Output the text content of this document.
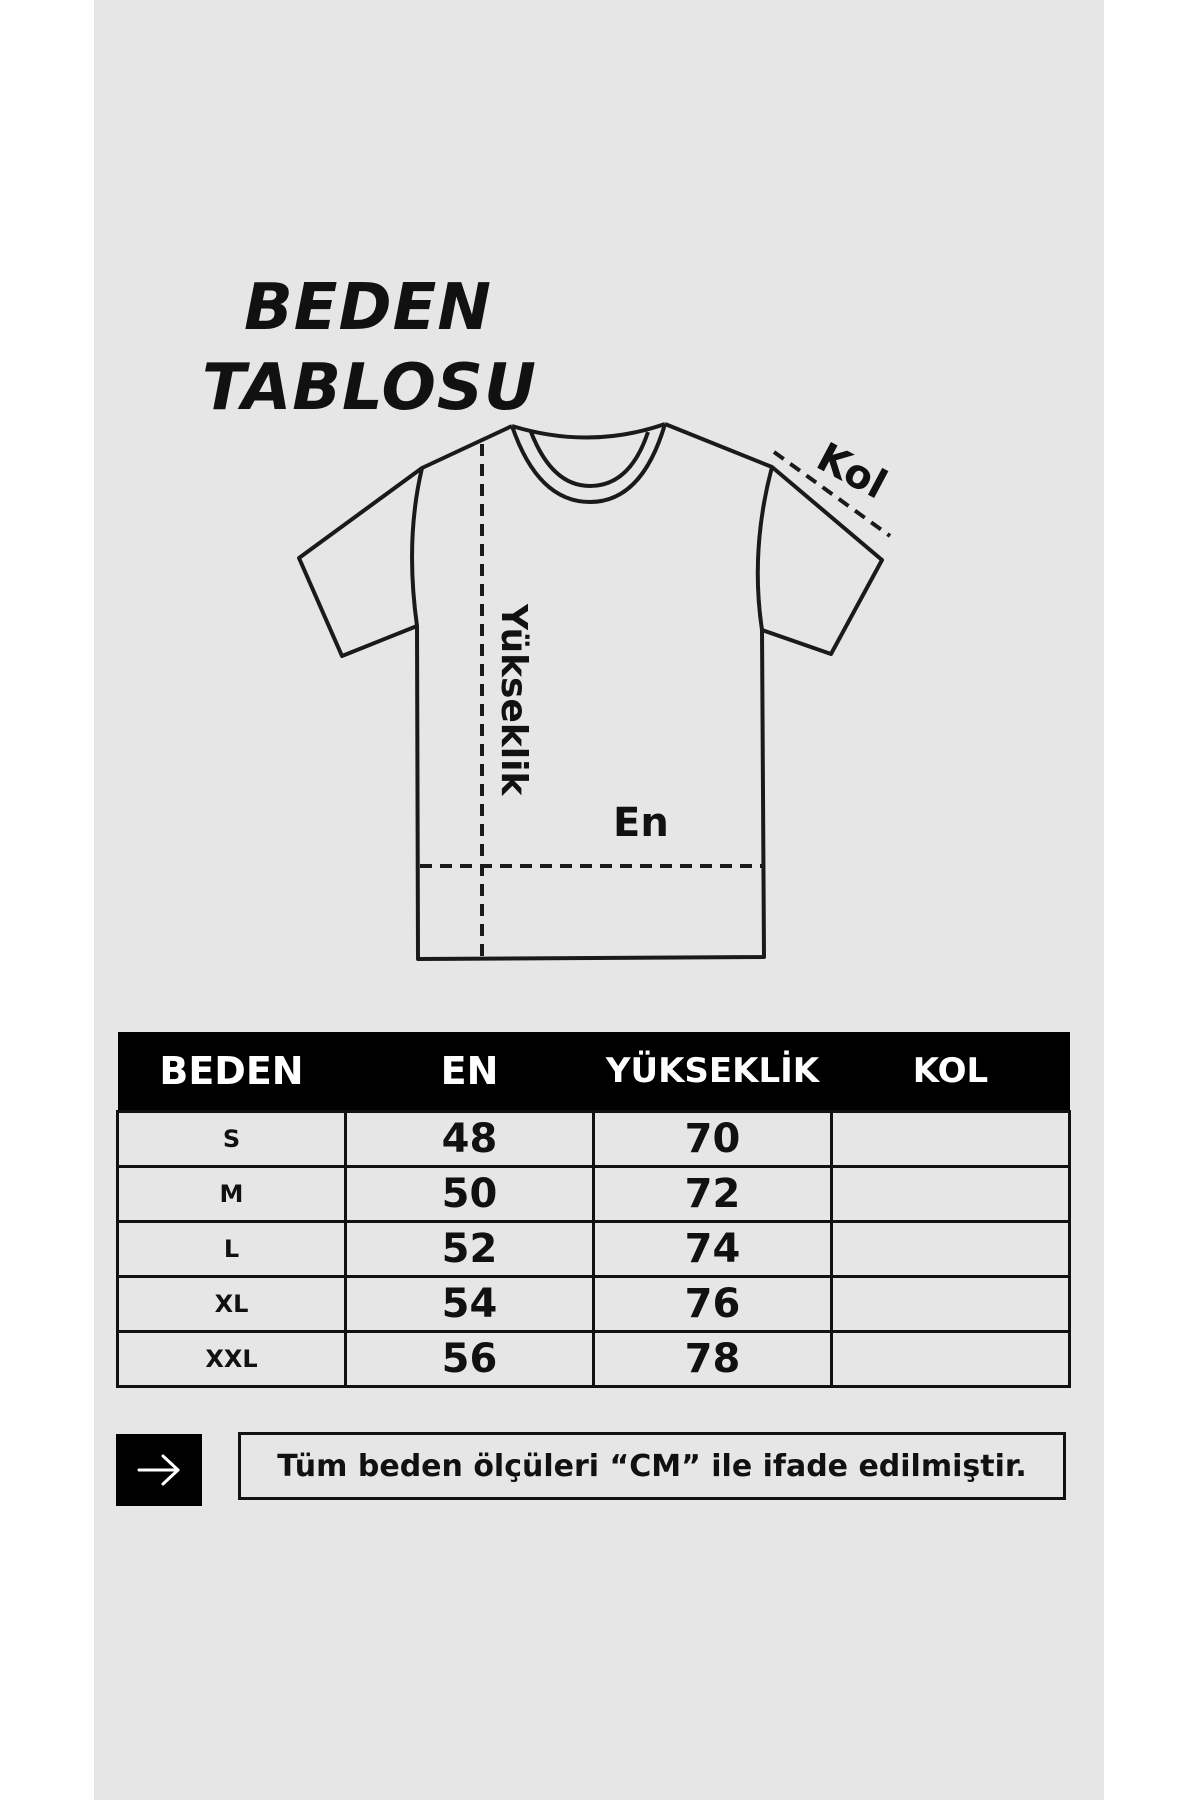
BEDEN
TABLOSU
Yükseklik
En
Kol
BEDEN	EN	YÜKSEKLİK	KOL
S	48	70	
M	50	72	
L	52	74	
XL	54	76	
XXL	56	78	
Tüm beden ölçüleri “CM” ile ifade edilmiştir.
